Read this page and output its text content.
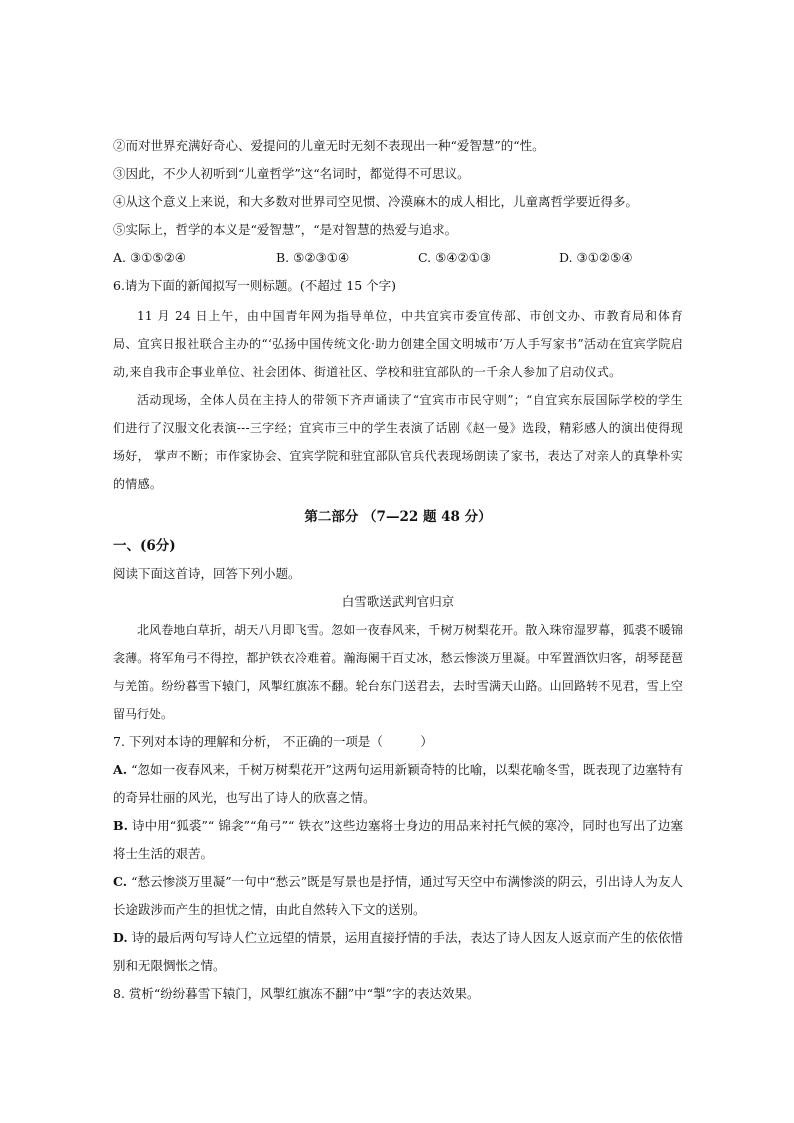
②而对世界充满好奇心、爱提问的儿童无时无刻不表现出一种“爱智慧”的“性。
③因此，不少人初听到“儿童哲学”这“名词时，都觉得不可思议。
④从这个意义上来说，和大多数对世界司空见惯、冷漠麻木的成人相比，儿童离哲学要近得多。
⑤实际上，哲学的本义是“爱智慧”，“是对智慧的热爱与追求。
A. ③①⑤②④	B. ⑤②③①④	C. ⑤④②①③	D. ③①②⑤④
6.请为下面的新闻拟写一则标题。(不超过 15 个字)
11 月 24 日上午，由中国青年网为指导单位，中共宜宾市委宣传部、市创文办、市教育局和体育局、宜宾日报社联合主办的“‘弘扬中国传统文化·助力创建全国文明城市’万人手写家书”活动在宜宾学院启动,来自我市企事业单位、社会团体、街道社区、学校和驻宜部队的一千余人参加了启动仪式。
活动现场，全体人员在主持人的带领下齐声诵读了“宜宾市市民守则”；“自宜宾东辰国际学校的学生们进行了汉服文化表演---三字经；宜宾市三中的学生表演了话剧《赵一曼》选段，精彩感人的演出使得现场好， 掌声不断；市作家协会、宜宾学院和驻宜部队官兵代表现场朗读了家书，表达了对亲人的真挚朴实的情感。
第二部分 （7—22 题 48 分）
一、(6分)
阅读下面这首诗，回答下列小题。
白雪歌送武判官归京
北风卷地白草折，胡天八月即飞雪。忽如一夜春风来，千树万树梨花开。散入珠帘湿罗幕，狐裘不暖锦衾薄。将军角弓不得控，都护铁衣冷难着。瀚海阑干百丈冰，愁云惨淡万里凝。中军置酒饮归客，胡琴琵琶与羌笛。纷纷暮雪下辕门，风掣红旗冻不翻。轮台东门送君去，去时雪满天山路。山回路转不见君，雪上空留马行处。
7. 下列对本诗的理解和分析， 不正确的一项是（　　　）
A. “忽如一夜春风来，千树万树梨花开”这两句运用新颖奇特的比喻，以梨花喻冬雪，既表现了边塞特有的奇异壮丽的风光，也写出了诗人的欣喜之情。
B. 诗中用“狐裘”“ 锦衾”“角弓”“ 铁衣”这些边塞将士身边的用品来衬托气候的寒冷，同时也写出了边塞将士生活的艰苦。
C. “愁云惨淡万里凝”一句中“愁云”既是写景也是抒情，通过写天空中布满惨淡的阴云，引出诗人为友人长途跋涉而产生的担忧之情，由此自然转入下文的送别。
D. 诗的最后两句写诗人伫立远望的情景，运用直接抒情的手法，表达了诗人因友人返京而产生的依依惜别和无限惆怅之情。
8. 赏析“纷纷暮雪下辕门，风掣红旗冻不翻”中“掣”字的表达效果。
